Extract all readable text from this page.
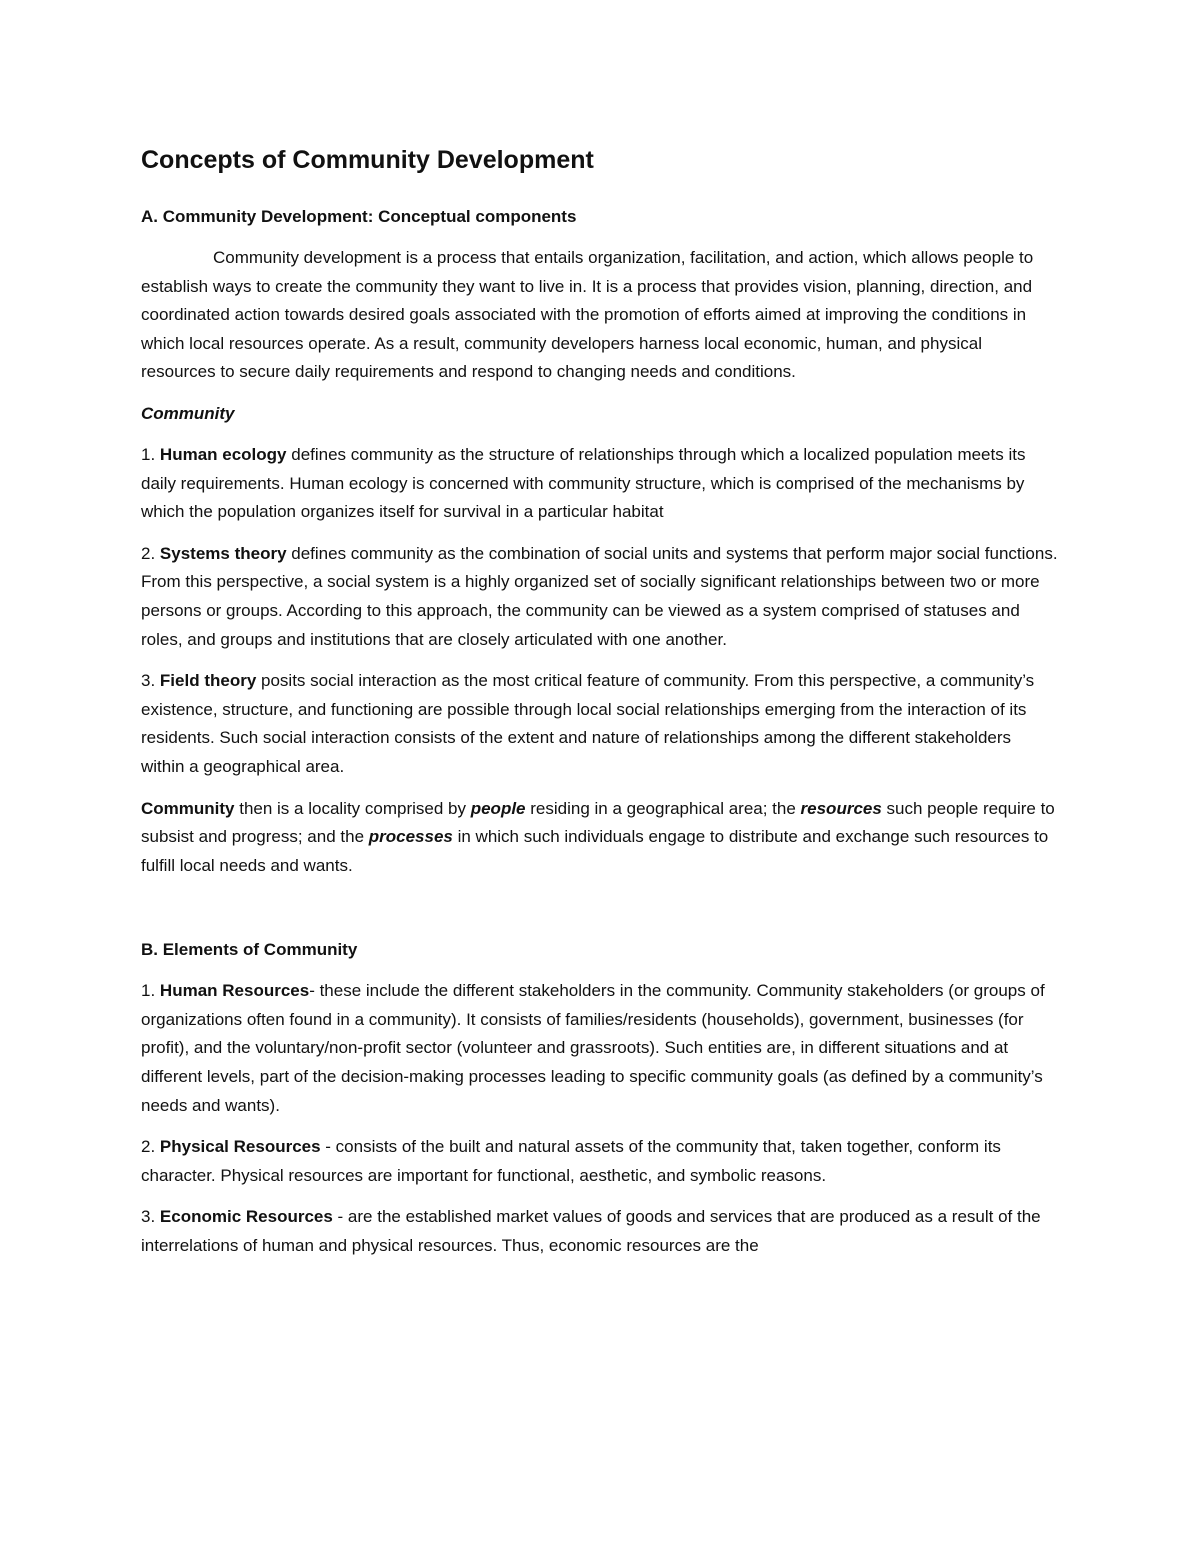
Concepts of Community Development
A. Community Development: Conceptual components

Community development is a process that entails organization, facilitation, and action, which allows people to establish ways to create the community they want to live in. It is a process that provides vision, planning, direction, and coordinated action towards desired goals associated with the promotion of efforts aimed at improving the conditions in which local resources operate. As a result, community developers harness local economic, human, and physical resources to secure daily requirements and respond to changing needs and conditions.

Community

1. Human ecology defines community as the structure of relationships through which a localized population meets its daily requirements. Human ecology is concerned with community structure, which is comprised of the mechanisms by which the population organizes itself for survival in a particular habitat

2. Systems theory defines community as the combination of social units and systems that perform major social functions. From this perspective, a social system is a highly organized set of socially significant relationships between two or more persons or groups. According to this approach, the community can be viewed as a system comprised of statuses and roles, and groups and institutions that are closely articulated with one another.

3. Field theory posits social interaction as the most critical feature of community. From this perspective, a community’s existence, structure, and functioning are possible through local social relationships emerging from the interaction of its residents. Such social interaction consists of the extent and nature of relationships among the different stakeholders within a geographical area.

Community then is a locality comprised by people residing in a geographical area; the resources such people require to subsist and progress; and the processes in which such individuals engage to distribute and exchange such resources to fulfill local needs and wants.

B. Elements of Community

1. Human Resources- these include the different stakeholders in the community. Community stakeholders (or groups of organizations often found in a community). It consists of families/residents (households), government, businesses (for profit), and the voluntary/non-profit sector (volunteer and grassroots). Such entities are, in different situations and at different levels, part of the decision-making processes leading to specific community goals (as defined by a community’s needs and wants).

2. Physical Resources - consists of the built and natural assets of the community that, taken together, conform its character. Physical resources are important for functional, aesthetic, and symbolic reasons.

3. Economic Resources - are the established market values of goods and services that are produced as a result of the interrelations of human and physical resources. Thus, economic resources are the
